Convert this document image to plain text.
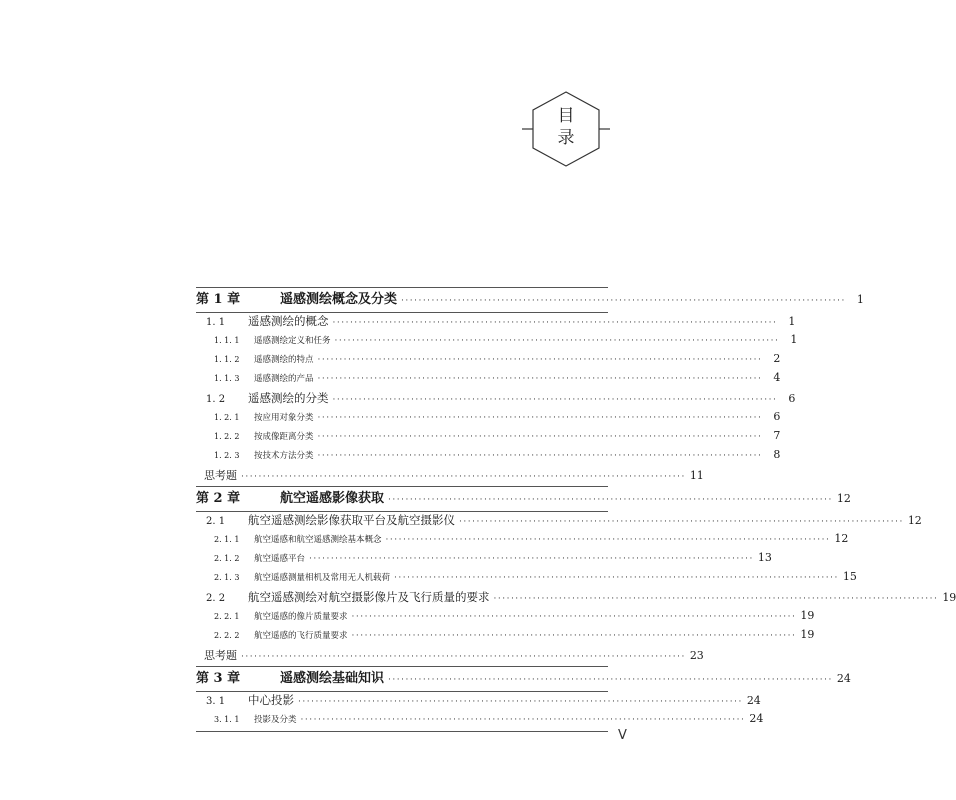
目
录
第 1 章	遥感测绘概念及分类 ······································································································	1
1. 1	遥感测绘的概念 ······································································································	1
1. 1. 1	遥感测绘定义和任务 ······································································································	1
1. 1. 2	遥感测绘的特点 ······································································································	2
1. 1. 3	遥感测绘的产品 ······································································································	4
1. 2	遥感测绘的分类 ······································································································	6
1. 2. 1	按应用对象分类 ······································································································	6
1. 2. 2	按成像距离分类 ······································································································	7
1. 2. 3	按技术方法分类 ······································································································	8
思考题 ······································································································ 11
第 2 章	航空遥感影像获取 ······································································································ 12
2. 1	航空遥感测绘影像获取平台及航空摄影仪 ······································································································ 12
2. 1. 1	航空遥感和航空遥感测绘基本概念 ······································································································ 12
2. 1. 2	航空遥感平台 ······································································································ 13
2. 1. 3	航空遥感测量相机及常用无人机载荷 ······································································································ 15
2. 2	航空遥感测绘对航空摄影像片及飞行质量的要求 ······································································································ 19
2. 2. 1	航空遥感的像片质量要求 ······································································································ 19
2. 2. 2	航空遥感的飞行质量要求 ······································································································ 19
思考题 ······································································································ 23
第 3 章	遥感测绘基础知识 ······································································································ 24
3. 1	中心投影 ······································································································ 24
3. 1. 1	投影及分类 ······································································································ 24
V
